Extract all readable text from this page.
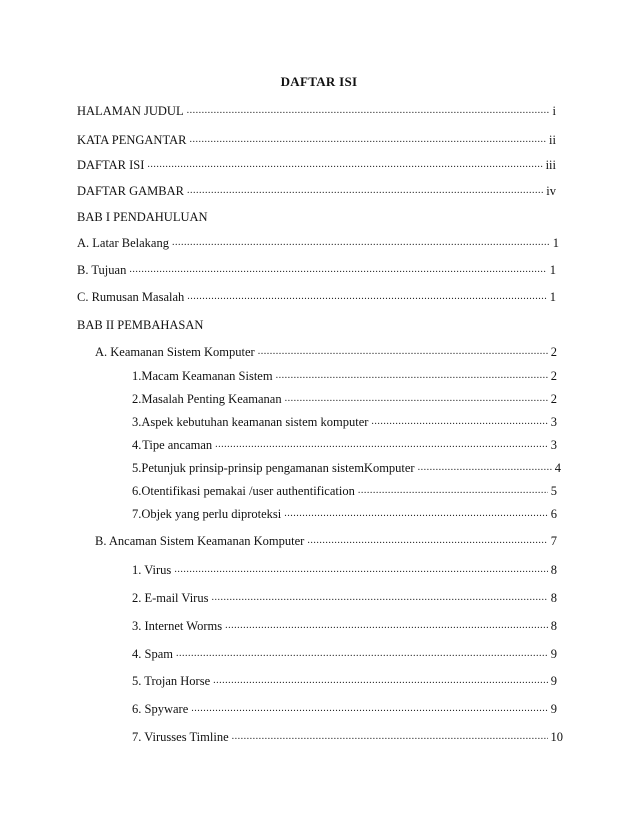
DAFTAR ISI
HALAMAN JUDUL .....	i
KATA PENGANTAR .....	ii
DAFTAR ISI .....	iii
DAFTAR GAMBAR .....	iv
BAB I PENDAHULUAN
A. Latar Belakang .....	1
B. Tujuan .....	1
C. Rumusan Masalah .....	1
BAB II PEMBAHASAN
A. Keamanan Sistem Komputer .....	2
1. Macam Keamanan Sistem .....	2
2. Masalah Penting Keamanan .....	2
3. Aspek kebutuhan keamanan sistem komputer .....	3
4. Tipe ancaman .....	3
5. Petunjuk prinsip-prinsip pengamanan sistemKomputer .....	4
6. Otentifikasi pemakai /user authentification .....	5
7. Objek yang perlu diproteksi .....	6
B. Ancaman Sistem Keamanan Komputer .....	7
1. Virus .....	8
2. E-mail Virus .....	8
3. Internet Worms .....	8
4. Spam .....	9
5. Trojan Horse .....	9
6. Spyware .....	9
7. Virusses Timline .....	10
